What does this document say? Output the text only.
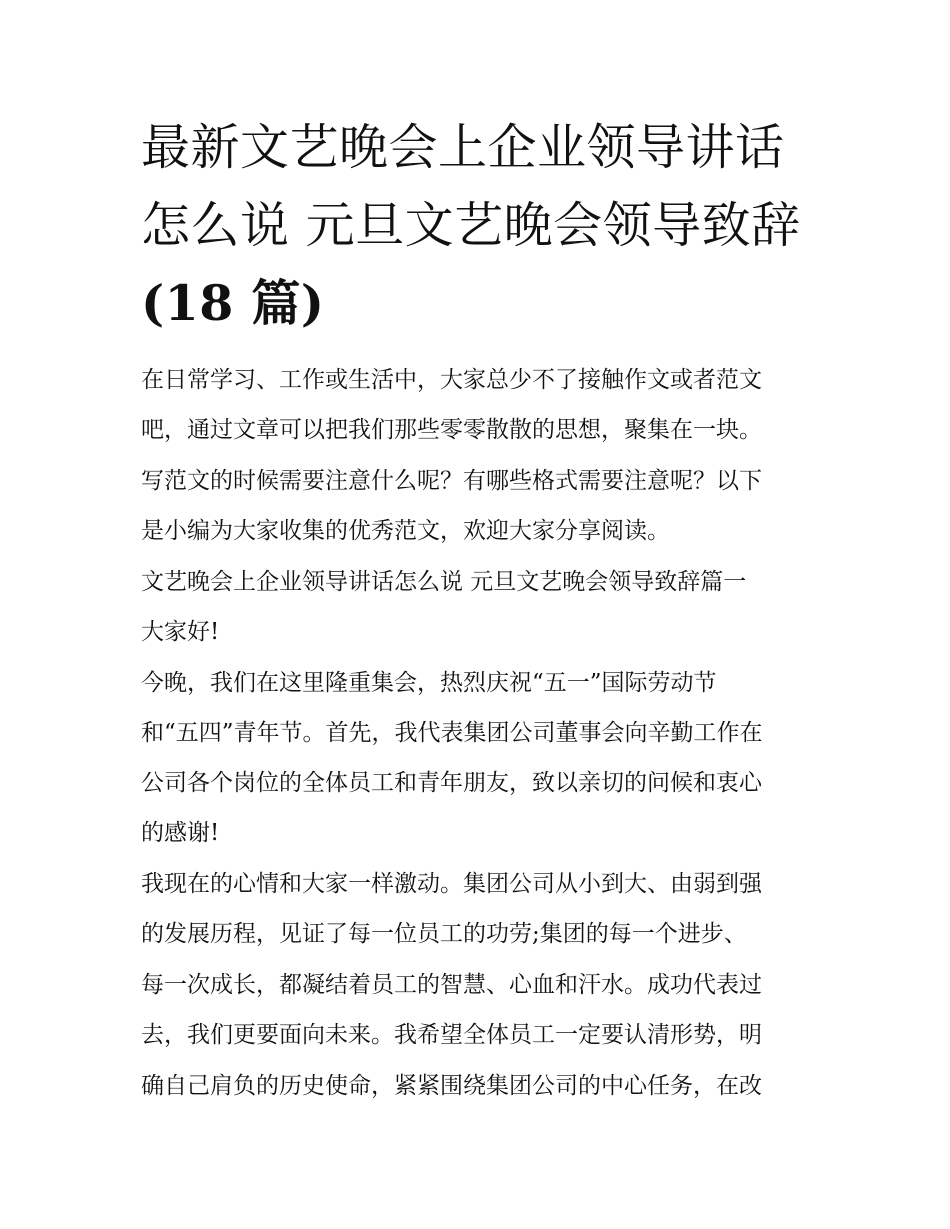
最新文艺晚会上企业领导讲话
怎么说 元旦文艺晚会领导致辞
(18 篇)

在日常学习、工作或生活中，大家总少不了接触作文或者范文

吧，通过文章可以把我们那些零零散散的思想，聚集在一块。

写范文的时候需要注意什么呢？有哪些格式需要注意呢？以下

是小编为大家收集的优秀范文，欢迎大家分享阅读。

文艺晚会上企业领导讲话怎么说 元旦文艺晚会领导致辞篇一

大家好!

今晚，我们在这里隆重集会，热烈庆祝“五一”国际劳动节

和“五四”青年节。首先，我代表集团公司董事会向辛勤工作在

公司各个岗位的全体员工和青年朋友，致以亲切的问候和衷心

的感谢!

我现在的心情和大家一样激动。集团公司从小到大、由弱到强

的发展历程，见证了每一位员工的功劳;集团的每一个进步、

每一次成长，都凝结着员工的智慧、心血和汗水。成功代表过

去，我们更要面向未来。我希望全体员工一定要认清形势，明

确自己肩负的历史使命，紧紧围绕集团公司的中心任务，在改
